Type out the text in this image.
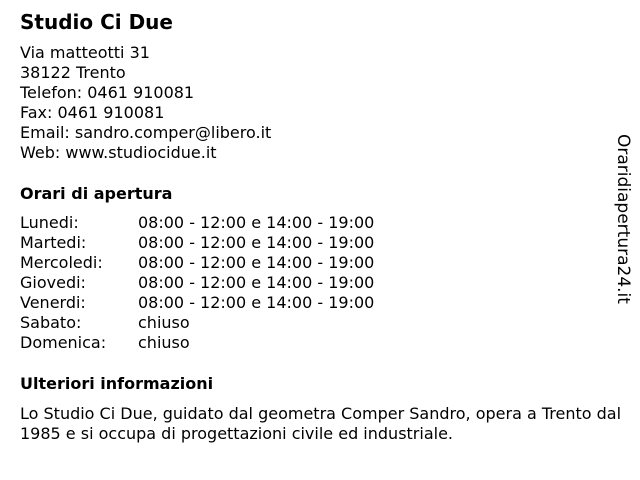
Studio Ci Due
Via matteotti 31
38122 Trento
Telefon: 0461 910081
Fax: 0461 910081
Email: sandro.comper@libero.it
Web: www.studiocidue.it
Orari di apertura
Lunedi:	08:00 - 12:00 e 14:00 - 19:00
Martedi:	08:00 - 12:00 e 14:00 - 19:00
Mercoledi:	08:00 - 12:00 e 14:00 - 19:00
Giovedi:	08:00 - 12:00 e 14:00 - 19:00
Venerdi:	08:00 - 12:00 e 14:00 - 19:00
Sabato:	chiuso
Domenica:	chiuso
Ulteriori informazioni
Lo Studio Ci Due, guidato dal geometra Comper Sandro, opera a Trento dal 1985 e si occupa di progettazioni civile ed industriale.
Oraridiapertura24.it
